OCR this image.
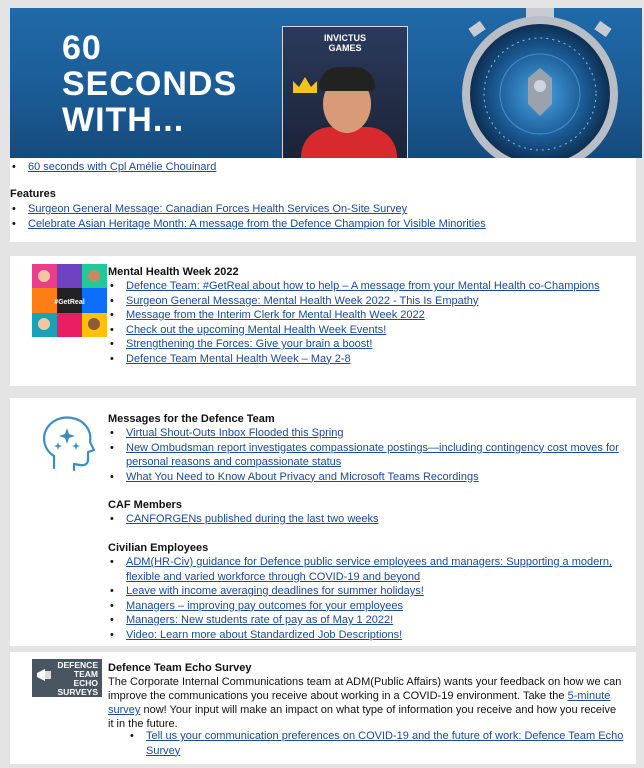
60
SECONDS
WITH...
INVICTUS
GAMES
• 60 seconds with Cpl Amélie Chouinard
Features
• Surgeon General Message: Canadian Forces Health Services On-Site Survey
• Celebrate Asian Heritage Month: A message from the Defence Champion for Visible Minorities
#GetReal
Mental Health Week 2022
• Defence Team: #GetReal about how to help – A message from your Mental Health co-Champions
• Surgeon General Message: Mental Health Week 2022 - This Is Empathy
• Message from the Interim Clerk for Mental Health Week 2022
• Check out the upcoming Mental Health Week Events!
• Strengthening the Forces: Give your brain a boost!
• Defence Team Mental Health Week – May 2-8
Messages for the Defence Team
• Virtual Shout-Outs Inbox Flooded this Spring
• New Ombudsman report investigates compassionate postings—including contingency cost moves for personal reasons and compassionate status
• What You Need to Know About Privacy and Microsoft Teams Recordings
CAF Members
• CANFORGENs published during the last two weeks
Civilian Employees
• ADM(HR-Civ) guidance for Defence public service employees and managers: Supporting a modern, flexible and varied workforce through COVID-19 and beyond
• Leave with income averaging deadlines for summer holidays!
• Managers – improving pay outcomes for your employees
• Managers: New students rate of pay as of May 1 2022!
• Video: Learn more about Standardized Job Descriptions!
DEFENCE
TEAM
ECHO
SURVEYS
Defence Team Echo Survey

The Corporate Internal Communications team at ADM(Public Affairs) wants your feedback on how we can improve the communications you receive about working in a COVID-19 environment. Take the 5-minute survey now! Your input will make an impact on what type of information you receive and how you receive it in the future.

• Tell us your communication preferences on COVID-19 and the future of work: Defence Team Echo Survey
